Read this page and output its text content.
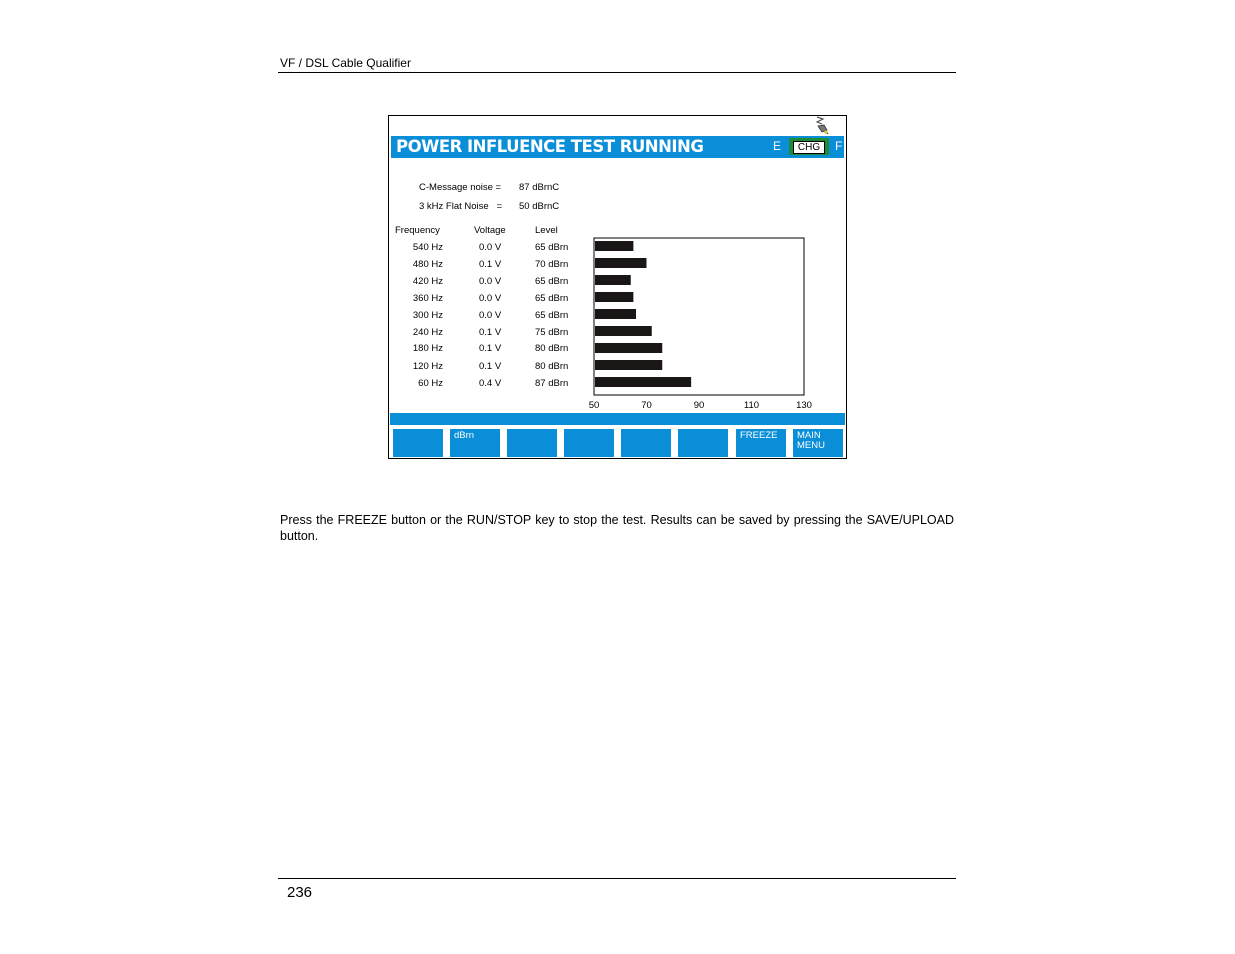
VF / DSL Cable Qualifier
POWER INFLUENCE TEST RUNNING	E	CHG	F
C-Message noise = 87 dBrnC
3 kHz Flat Noise   = 50 dBrnC
Frequency	Voltage	Level
540 Hz	0.0 V	65 dBrn
480 Hz	0.1 V	70 dBrn
420 Hz	0.0 V	65 dBrn
360 Hz	0.0 V	65 dBrn
300 Hz	0.0 V	65 dBrn
240 Hz	0.1 V	75 dBrn
180 Hz	0.1 V	80 dBrn
120 Hz	0.1 V	80 dBrn
60 Hz	0.4 V	87 dBrn
50	70	90	110	130
dBrn	FREEZE	MAIN MENU

Press the FREEZE button or the RUN/STOP key to stop the test. Results can be saved by pressing the SAVE/UPLOAD button.

236
